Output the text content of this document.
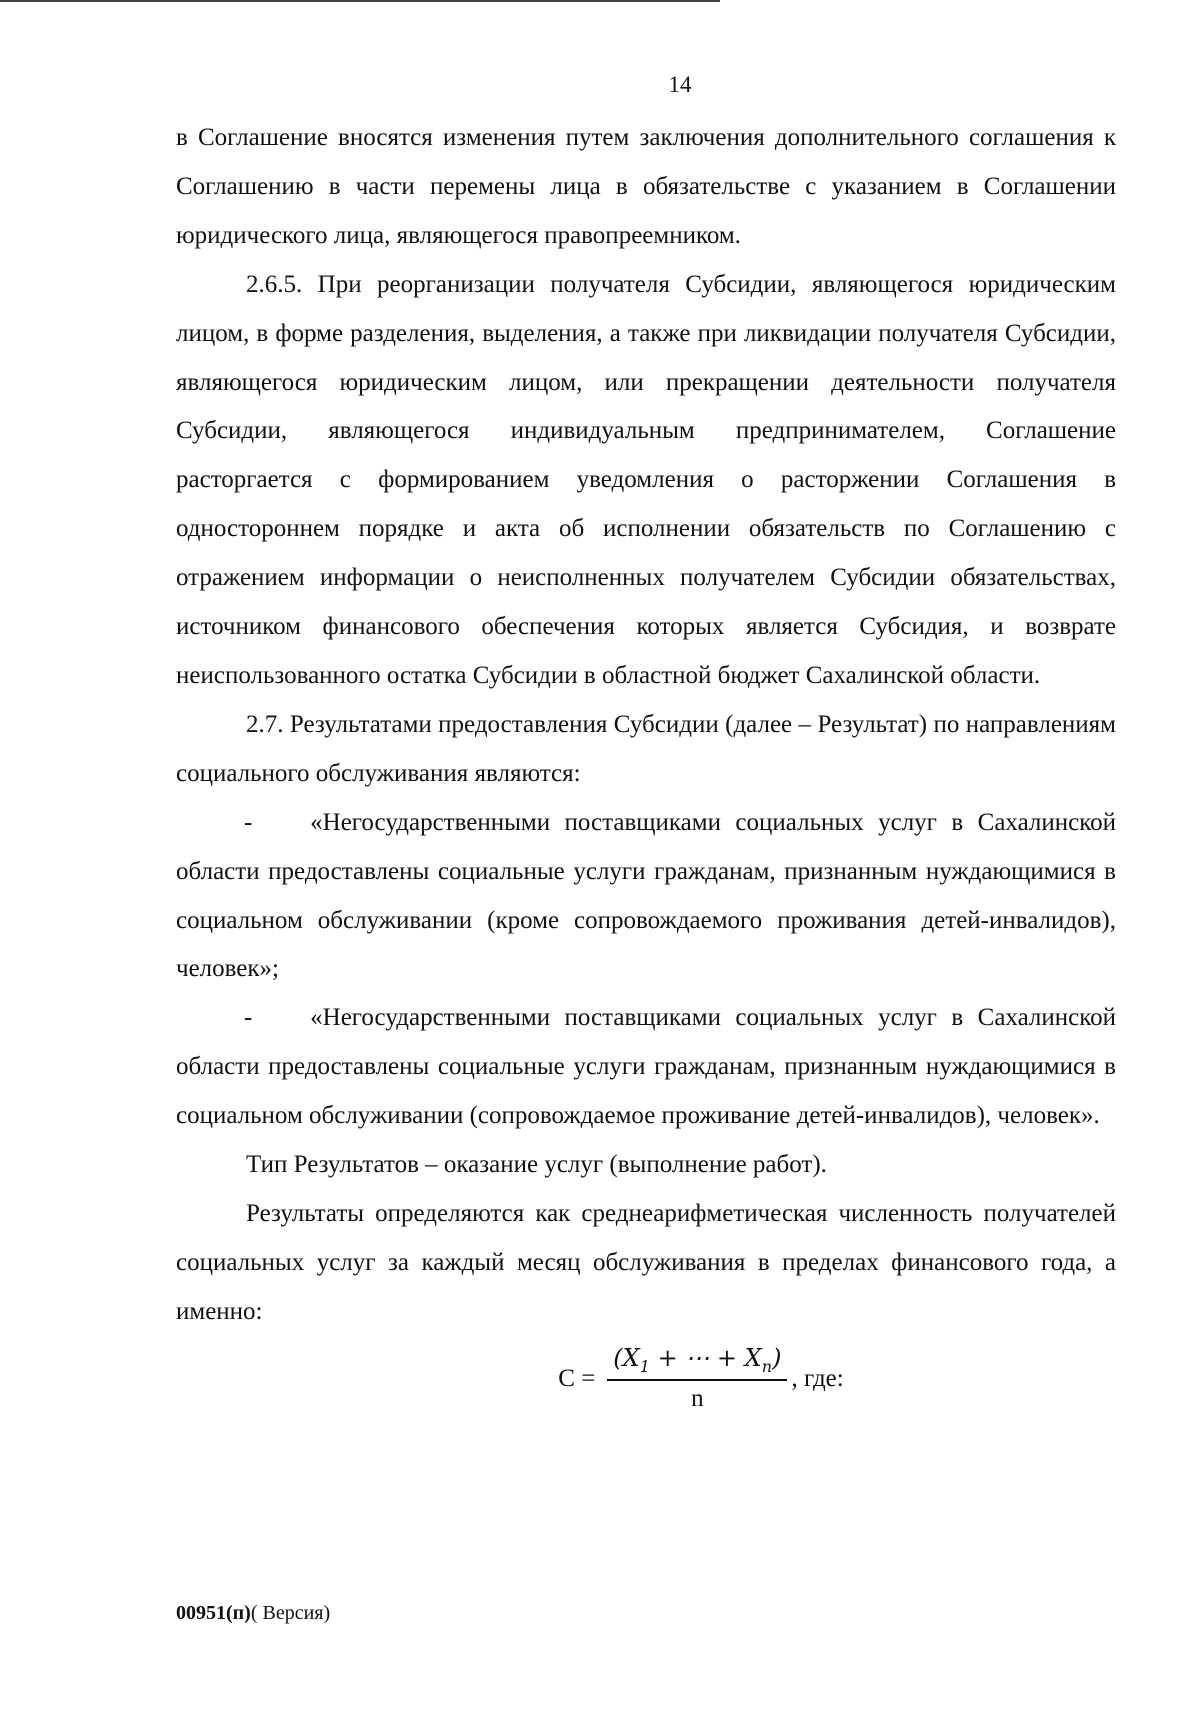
14

в Соглашение вносятся изменения путем заключения дополнительного соглашения к Соглашению в части перемены лица в обязательстве с указанием в Соглашении юридического лица, являющегося правопреемником.

2.6.5. При реорганизации получателя Субсидии, являющегося юридическим лицом, в форме разделения, выделения, а также при ликвидации получателя Субсидии, являющегося юридическим лицом, или прекращении деятельности получателя Субсидии, являющегося индивидуальным предпринимателем, Соглашение расторгается с формированием уведомления о расторжении Соглашения в одностороннем порядке и акта об исполнении обязательств по Соглашению с отражением информации о неисполненных получателем Субсидии обязательствах, источником финансового обеспечения которых является Субсидия, и возврате неиспользованного остатка Субсидии в областной бюджет Сахалинской области.

2.7. Результатами предоставления Субсидии (далее – Результат) по направлениям социального обслуживания являются:

-    «Негосударственными поставщиками социальных услуг в Сахалинской области предоставлены социальные услуги гражданам, признанным нуждающимися в социальном обслуживании (кроме сопровождаемого проживания детей-инвалидов), человек»;

-    «Негосударственными поставщиками социальных услуг в Сахалинской области предоставлены социальные услуги гражданам, признанным нуждающимися в социальном обслуживании (сопровождаемое проживание детей-инвалидов), человек».

Тип Результатов – оказание услуг (выполнение работ).

Результаты определяются как среднеарифметическая численность получателей социальных услуг за каждый месяц обслуживания в пределах финансового года, а именно:

$С = \frac{(X_1 + \cdots + X_n)}{n}$ , где:
00951(п)( Версия)
